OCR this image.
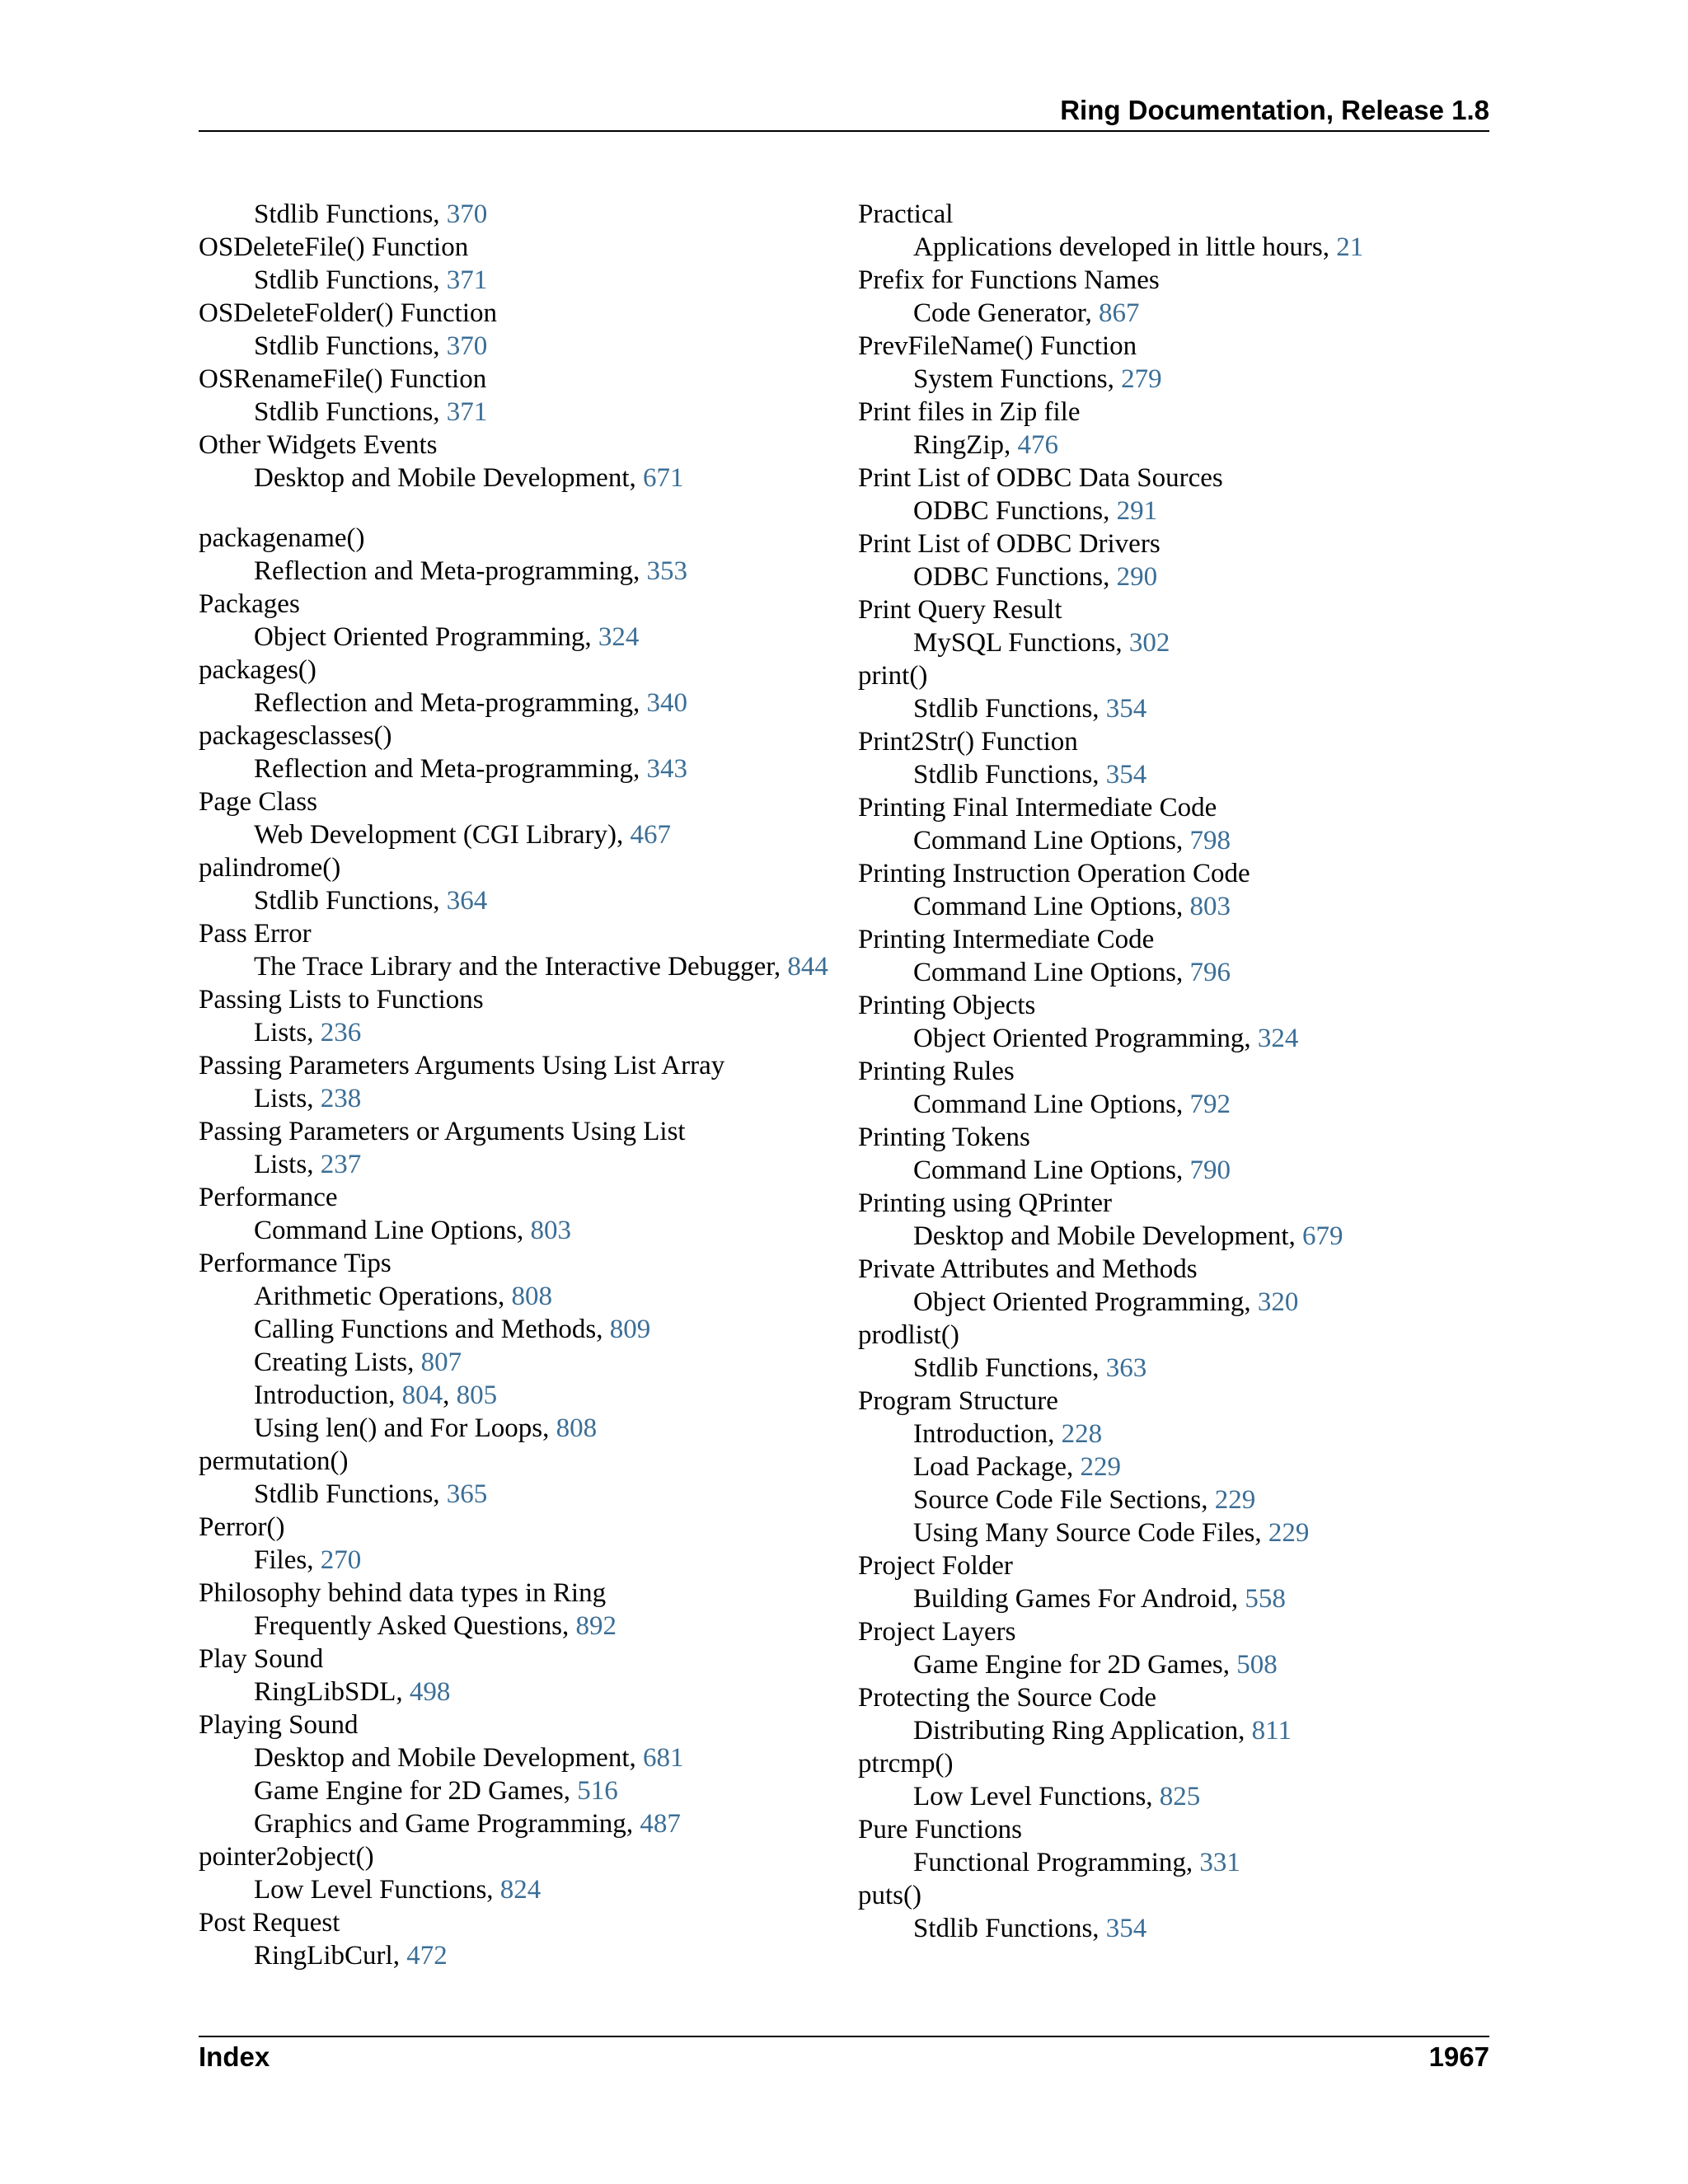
Ring Documentation, Release 1.8
Stdlib Functions, 370
OSDeleteFile() Function
Stdlib Functions, 371
OSDeleteFolder() Function
Stdlib Functions, 370
OSRenameFile() Function
Stdlib Functions, 371
Other Widgets Events
Desktop and Mobile Development, 671
packagename()
Reflection and Meta-programming, 353
Packages
Object Oriented Programming, 324
packages()
Reflection and Meta-programming, 340
packagesclasses()
Reflection and Meta-programming, 343
Page Class
Web Development (CGI Library), 467
palindrome()
Stdlib Functions, 364
Pass Error
The Trace Library and the Interactive Debugger, 844
Passing Lists to Functions
Lists, 236
Passing Parameters Arguments Using List Array
Lists, 238
Passing Parameters or Arguments Using List
Lists, 237
Performance
Command Line Options, 803
Performance Tips
Arithmetic Operations, 808
Calling Functions and Methods, 809
Creating Lists, 807
Introduction, 804, 805
Using len() and For Loops, 808
permutation()
Stdlib Functions, 365
Perror()
Files, 270
Philosophy behind data types in Ring
Frequently Asked Questions, 892
Play Sound
RingLibSDL, 498
Playing Sound
Desktop and Mobile Development, 681
Game Engine for 2D Games, 516
Graphics and Game Programming, 487
pointer2object()
Low Level Functions, 824
Post Request
RingLibCurl, 472
Practical
Applications developed in little hours, 21
Prefix for Functions Names
Code Generator, 867
PrevFileName() Function
System Functions, 279
Print files in Zip file
RingZip, 476
Print List of ODBC Data Sources
ODBC Functions, 291
Print List of ODBC Drivers
ODBC Functions, 290
Print Query Result
MySQL Functions, 302
print()
Stdlib Functions, 354
Print2Str() Function
Stdlib Functions, 354
Printing Final Intermediate Code
Command Line Options, 798
Printing Instruction Operation Code
Command Line Options, 803
Printing Intermediate Code
Command Line Options, 796
Printing Objects
Object Oriented Programming, 324
Printing Rules
Command Line Options, 792
Printing Tokens
Command Line Options, 790
Printing using QPrinter
Desktop and Mobile Development, 679
Private Attributes and Methods
Object Oriented Programming, 320
prodlist()
Stdlib Functions, 363
Program Structure
Introduction, 228
Load Package, 229
Source Code File Sections, 229
Using Many Source Code Files, 229
Project Folder
Building Games For Android, 558
Project Layers
Game Engine for 2D Games, 508
Protecting the Source Code
Distributing Ring Application, 811
ptrcmp()
Low Level Functions, 825
Pure Functions
Functional Programming, 331
puts()
Stdlib Functions, 354
Index	1967
